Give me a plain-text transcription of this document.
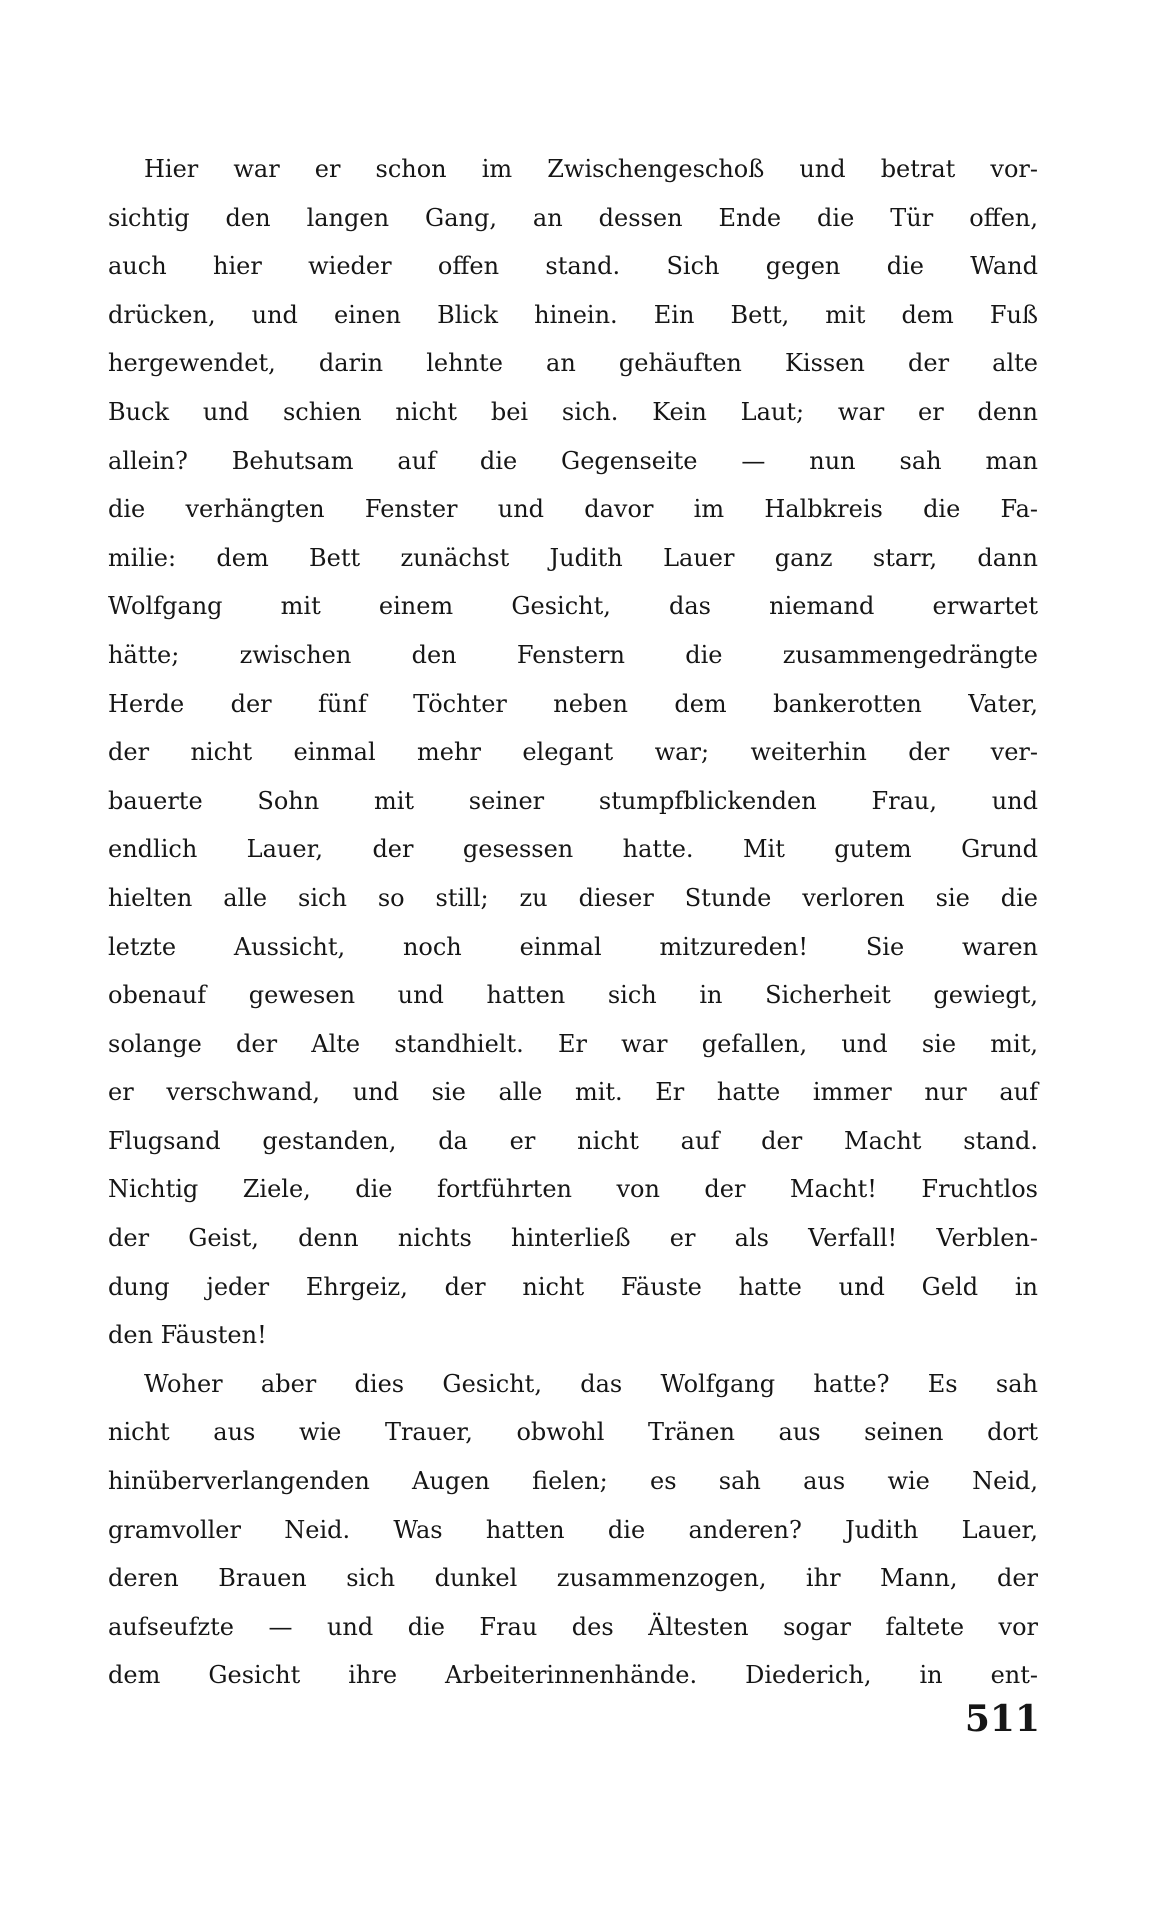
Hier war er schon im Zwischengeschoß und betrat vor-
sichtig den langen Gang, an dessen Ende die Tür offen,
auch hier wieder offen stand. Sich gegen die Wand
drücken, und einen Blick hinein. Ein Bett, mit dem Fuß
hergewendet, darin lehnte an gehäuften Kissen der alte
Buck und schien nicht bei sich. Kein Laut; war er denn
allein? Behutsam auf die Gegenseite — nun sah man
die verhängten Fenster und davor im Halbkreis die Fa-
milie: dem Bett zunächst Judith Lauer ganz starr, dann
Wolfgang mit einem Gesicht, das niemand erwartet
hätte; zwischen den Fenstern die zusammengedrängte
Herde der fünf Töchter neben dem bankerotten Vater,
der nicht einmal mehr elegant war; weiterhin der ver-
bauerte Sohn mit seiner stumpfblickenden Frau, und
endlich Lauer, der gesessen hatte. Mit gutem Grund
hielten alle sich so still; zu dieser Stunde verloren sie die
letzte Aussicht, noch einmal mitzureden! Sie waren
obenauf gewesen und hatten sich in Sicherheit gewiegt,
solange der Alte standhielt. Er war gefallen, und sie mit,
er verschwand, und sie alle mit. Er hatte immer nur auf
Flugsand gestanden, da er nicht auf der Macht stand.
Nichtig Ziele, die fortführten von der Macht! Fruchtlos
der Geist, denn nichts hinterließ er als Verfall! Verblen-
dung jeder Ehrgeiz, der nicht Fäuste hatte und Geld in
den Fäusten!

Woher aber dies Gesicht, das Wolfgang hatte? Es sah
nicht aus wie Trauer, obwohl Tränen aus seinen dort
hinüberverlangenden Augen fielen; es sah aus wie Neid,
gramvoller Neid. Was hatten die anderen? Judith Lauer,
deren Brauen sich dunkel zusammenzogen, ihr Mann, der
aufseufzte — und die Frau des Ältesten sogar faltete vor
dem Gesicht ihre Arbeiterinnenhände. Diederich, in ent-

511
